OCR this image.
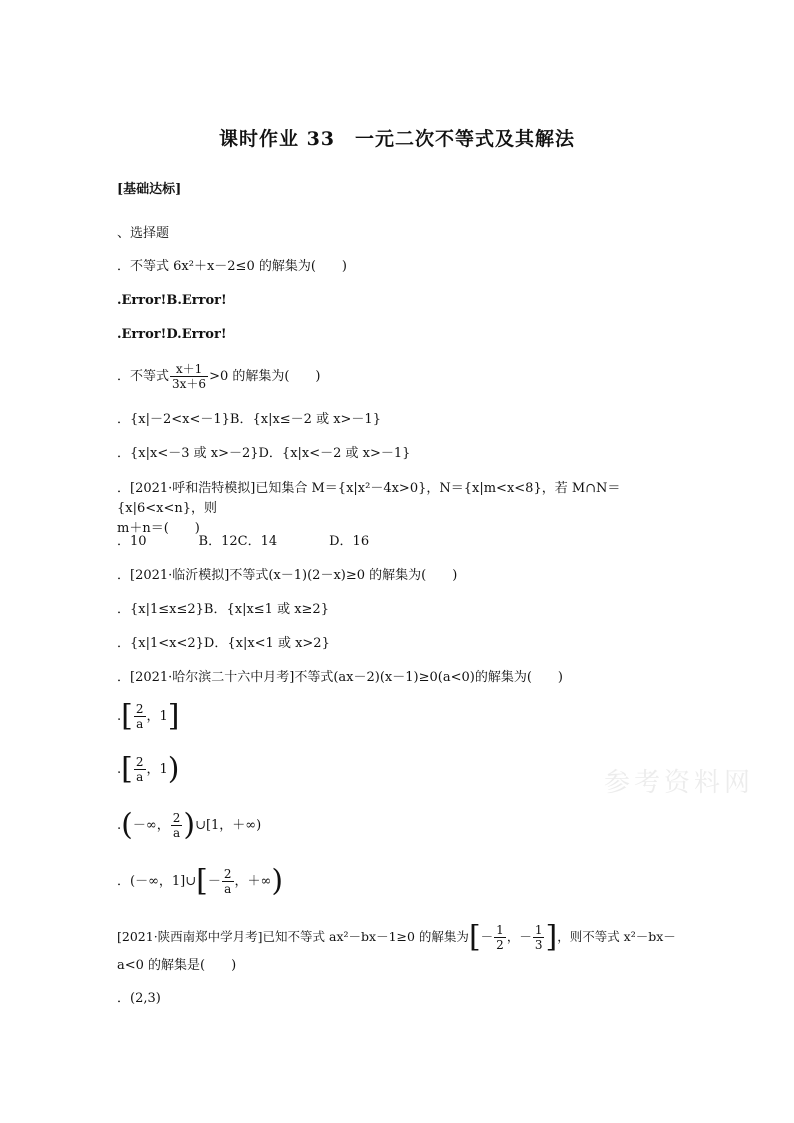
课时作业 33　一元二次不等式及其解法
[基础达标]
、选择题
．不等式 6x²＋x－2≤0 的解集为(　　)
.Error!B.Error!
.Error!D.Error!
．不等式 $\frac{x+1}{3x+6} >0$ 的解集为(　　)
．{x|－2<x<－1}B．{x|x≤－2 或 x>－1}
．{x|x<－3 或 x>－2}D．{x|x<－2 或 x>－1}
．[2021·呼和浩特模拟]已知集合 M＝{x|x²－4x>0}，N＝{x|m<x<8}，若 M∩N＝{x|6<x<n}，则
m＋n＝(　　)
．10　　　　B．12C．14　　　　D．16
．[2021·临沂模拟]不等式(x－1)(2－x)≥0 的解集为(　　)
．{x|1≤x≤2}B．{x|x≤1 或 x≥2}
．{x|1<x<2}D．{x|x<1 或 x>2}
．[2021·哈尔滨二十六中月考]不等式(ax－2)(x－1)≥0(a<0)的解集为(　　)
.[ $\frac{2}{a}$ ，1]
.[ $\frac{2}{a}$ ，1)
.(－∞， $\frac{2}{a}$ )∪[1，＋∞)
．(－∞，1]∪[－ $\frac{2}{a}$ ，＋∞)
[2021·陕西南郑中学月考]已知不等式 ax²－bx－1≥0 的解集为[－ $\frac{1}{2}$ ，－ $\frac{1}{3}$ ]，则不等式 x²－bx－
a<0 的解集是(　　)
．(2,3)
参考资料网
